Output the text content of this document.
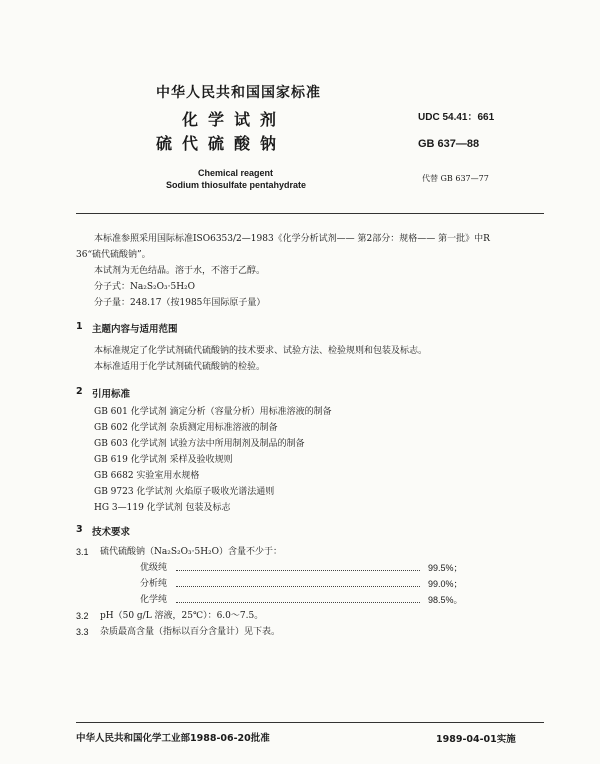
中华人民共和国国家标准
化学试剂
硫代硫酸钠
Chemical reagent
Sodium thiosulfate pentahydrate
UDC 54.41：661
GB 637—88
代替 GB 637—77
本标准参照采用国际标准ISO6353/2—1983《化学分析试剂—— 第2部分：规格—— 第一批》中R
36“硫代硫酸钠”。
本试剂为无色结晶。溶于水，不溶于乙醇。
分子式：Na₂S₂O₃·5H₂O
分子量：248.17（按1985年国际原子量）
1 主题内容与适用范围
本标准规定了化学试剂硫代硫酸钠的技术要求、试验方法、检验规则和包装及标志。
本标准适用于化学试剂硫代硫酸钠的检验。
2 引用标准
GB 601 化学试剂 滴定分析（容量分析）用标准溶液的制备
GB 602 化学试剂 杂质测定用标准溶液的制备
GB 603 化学试剂 试验方法中所用制剂及制品的制备
GB 619 化学试剂 采样及验收规则
GB 6682 实验室用水规格
GB 9723 化学试剂 火焰原子吸收光谱法通则
HG 3—119 化学试剂 包装及标志
3 技术要求
3.1 硫代硫酸钠（Na₂S₂O₃·5H₂O）含量不少于：
优级纯	99.5%；
分析纯	99.0%；
化学纯	98.5%。
3.2 pH（50 g/L 溶液，25℃）：6.0～7.5。
3.3 杂质最高含量（指标以百分含量计）见下表。
中华人民共和国化学工业部1988-06-20批准	1989-04-01实施
